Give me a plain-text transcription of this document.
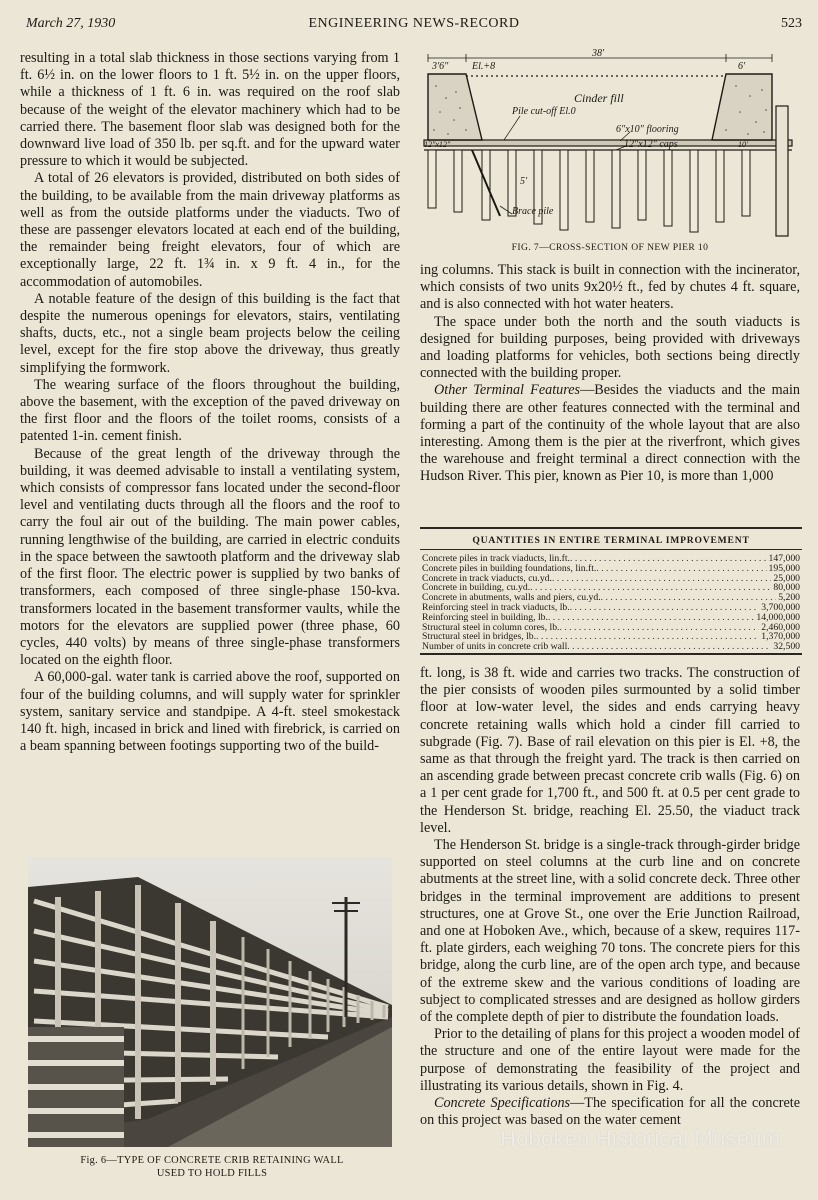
March 27, 1930	ENGINEERING NEWS-RECORD	523

resulting in a total slab thickness in those sections varying from 1 ft. 6½ in. on the lower floors to 1 ft. 5½ in. on the upper floors, while a thickness of 1 ft. 6 in. was required on the roof slab because of the weight of the elevator machinery which had to be carried there. The basement floor slab was designed both for the downward live load of 350 lb. per sq.ft. and for the upward water pressure to which it would be subjected.

A total of 26 elevators is provided, distributed on both sides of the building, to be available from the main driveway platforms as well as from the outside platforms under the viaducts. Two of these are passenger elevators located at each end of the building, the remainder being freight elevators, four of which are exceptionally large, 22 ft. 1¾ in. x 9 ft. 4 in., for the accommodation of automobiles.

A notable feature of the design of this building is the fact that despite the numerous openings for elevators, stairs, ventilating shafts, ducts, etc., not a single beam projects below the ceiling level, except for the fire stop above the driveway, thus greatly simplifying the formwork.

The wearing surface of the floors throughout the building, above the basement, with the exception of the paved driveway on the first floor and the floors of the toilet rooms, consists of a patented 1-in. cement finish.

Because of the great length of the driveway through the building, it was deemed advisable to install a ventilating system, which consists of compressor fans located under the second-floor level and ventilating ducts through all the floors and the roof to carry the foul air out of the building. The main power cables, running lengthwise of the building, are carried in electric conduits in the space between the sawtooth platform and the driveway slab of the first floor. The electric power is supplied by two banks of transformers, each composed of three single-phase 150-kva. transformers located in the basement transformer vaults, while the motors for the elevators are supplied power (three phase, 60 cycles, 440 volts) by means of three single-phase transformers located on the eighth floor.

A 60,000-gal. water tank is carried above the roof, supported on four of the building columns, and will supply water for sprinkler system, sanitary service and standpipe. A 4-ft. steel smokestack 140 ft. high, incased in brick and lined with firebrick, is carried on a beam spanning between footings supporting two of the build-

3'6" El.+8
38'
6'
Cinder fill
Pile cut-off El.0
6"x10" flooring
12"x12" caps
5'
Brace pile
12"x12"	10'
FIG. 7—CROSS-SECTION OF NEW PIER 10

ing columns. This stack is built in connection with the incinerator, which consists of two units 9x20½ ft., fed by chutes 4 ft. square, and is also connected with hot water heaters.

The space under both the north and the south viaducts is designed for building purposes, being provided with driveways and loading platforms for vehicles, both sections being directly connected with the building proper.

Other Terminal Features—Besides the viaducts and the main building there are other features connected with the terminal and forming a part of the continuity of the whole layout that are also interesting. Among them is the pier at the riverfront, which gives the warehouse and freight terminal a direct connection with the Hudson River. This pier, known as Pier 10, is more than 1,000

QUANTITIES IN ENTIRE TERMINAL IMPROVEMENT
Concrete piles in track viaducts, lin.ft. . . .	147,000
Concrete piles in building foundations, lin.ft. . . .	195,000
Concrete in track viaducts, cu.yd. . . .	25,000
Concrete in building, cu.yd. . . .	80,000
Concrete in abutments, walls and piers, cu.yd. . . .	5,200
Reinforcing steel in track viaducts, lb. . . .	3,700,000
Reinforcing steel in building, lb. . . .	14,000,000
Structural steel in column cores, lb. . . .	2,460,000
Structural steel in bridges, lb. . . .	1,370,000
Number of units in concrete crib wall . . .	32,500

ft. long, is 38 ft. wide and carries two tracks. The construction of the pier consists of wooden piles surmounted by a solid timber floor at low-water level, the sides and ends carrying heavy concrete retaining walls which hold a cinder fill carried to subgrade (Fig. 7). Base of rail elevation on this pier is El. +8, the same as that through the freight yard. The track is then carried on an ascending grade between precast concrete crib walls (Fig. 6) on a 1 per cent grade for 1,700 ft., and 500 ft. at 0.5 per cent grade to the Henderson St. bridge, reaching El. 25.50, the viaduct track level.

The Henderson St. bridge is a single-track through-girder bridge supported on steel columns at the curb line and on concrete abutments at the street line, with a solid concrete deck. Three other bridges in the terminal improvement are additions to present structures, one at Grove St., one over the Erie Junction Railroad, and one at Hoboken Ave., which, because of a skew, requires 117-ft. plate girders, each weighing 70 tons. The concrete piers for this bridge, along the curb line, are of the open arch type, and because of the extreme skew and the various conditions of loading are subject to complicated stresses and are designed as hollow girders of the complete depth of pier to distribute the foundation loads.

Prior to the detailing of plans for this project a wooden model of the structure and one of the entire layout were made for the purpose of demonstrating the feasibility of the project and illustrating its various details, shown in Fig. 4.

Concrete Specifications—The specification for all the concrete on this project was based on the water cement

Fig. 6—TYPE OF CONCRETE CRIB RETAINING WALL
USED TO HOLD FILLS
Hoboken Historical Museum
